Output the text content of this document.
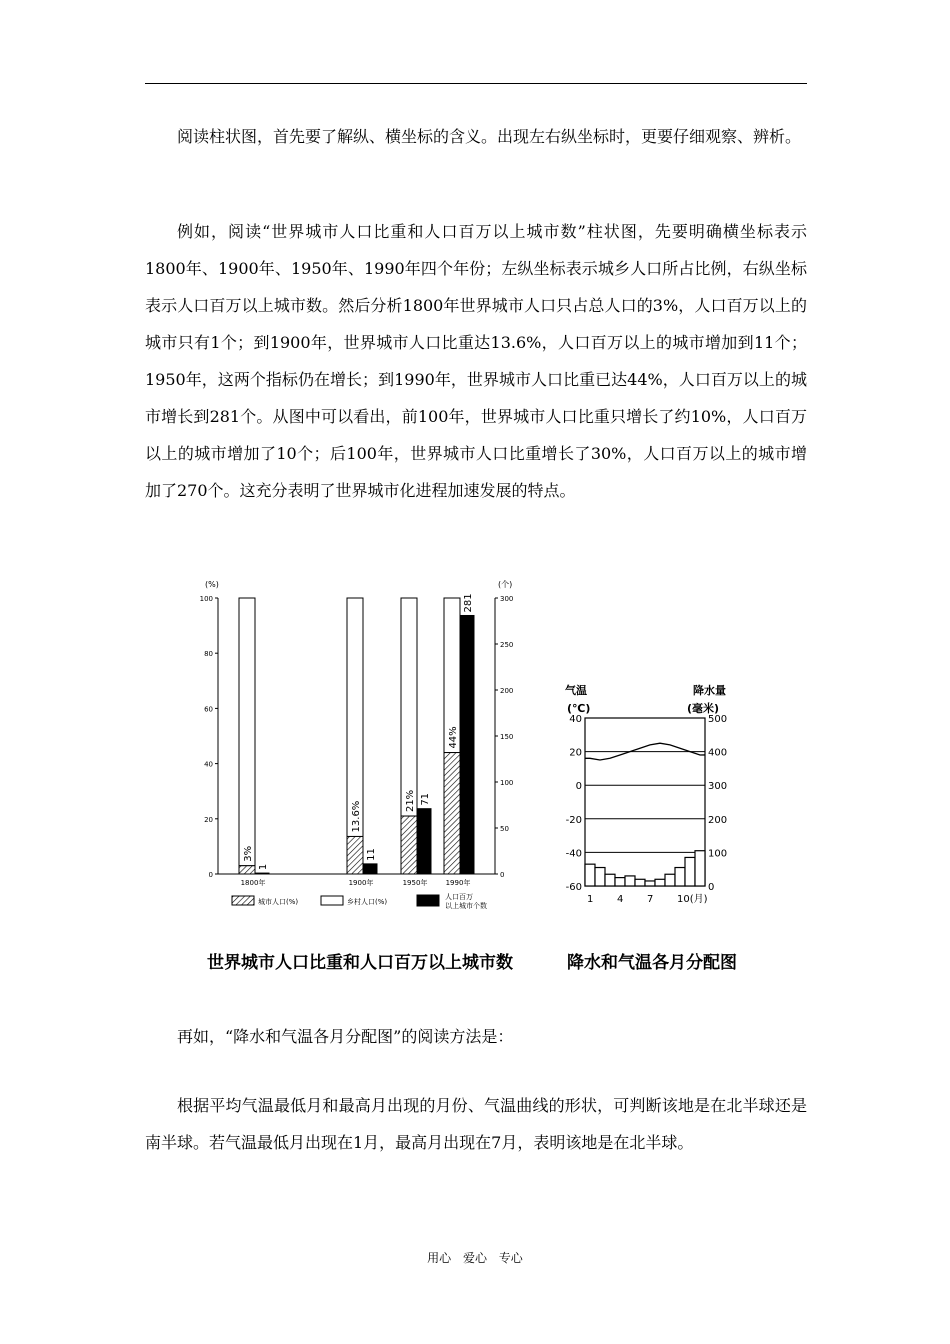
阅读柱状图，首先要了解纵、横坐标的含义。出现左右纵坐标时，更要仔细观察、辨析。

例如，阅读“世界城市人口比重和人口百万以上城市数”柱状图，先要明确横坐标表示 1800年、1900年、1950年、1990年四个年份；左纵坐标表示城乡人口所占比例，右纵坐标表示人口百万以上城市数。然后分析1800年世界城市人口只占总人口的3%，人口百万以上的城市只有1个；到1900年，世界城市人口比重达13.6%，人口百万以上的城市增加到11个；1950年，这两个指标仍在增长；到1990年，世界城市人口比重已达44%，人口百万以上的城市增长到281个。从图中可以看出，前100年，世界城市人口比重只增长了约10%，人口百万以上的城市增加了10个；后100年，世界城市人口比重增长了30%，人口百万以上的城市增加了270个。这充分表明了世界城市化进程加速发展的特点。

(%)	(个)
0
20
40
60
80
100
0
50
100
150
200
250
300
3%
1
1800年
13.6%
11
1900年
21% 71
1950年
44%
281
1990年
城市人口(%)	乡村人口(%)
人口百万
以上城市个数
气温
(℃)
降水量
(毫米)
40
20
0
-20
-40
-60
500
400
300
200
100
0
1 4 7 10(月)
世界城市人口比重和人口百万以上城市数	降水和气温各月分配图

再如，“降水和气温各月分配图”的阅读方法是：

根据平均气温最低月和最高月出现的月份、气温曲线的形状，可判断该地是在北半球还是南半球。若气温最低月出现在1月，最高月出现在7月，表明该地是在北半球。

用心 爱心 专心
